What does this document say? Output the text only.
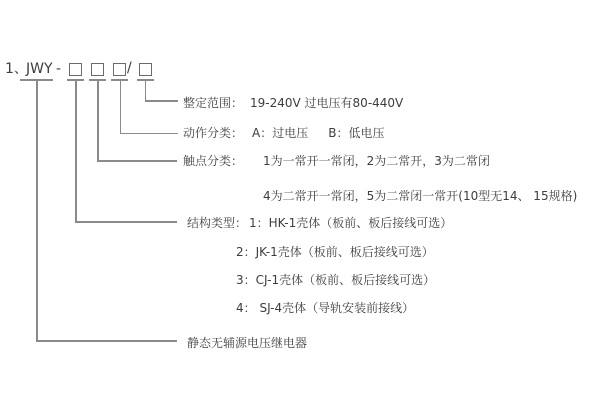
1、
JWY -	/
整定范围： 19-240V 过电压有80-440V
动作分类： A：过电压 B：低电压
触点分类： 1为一常开一常闭，2为二常开，3为二常闭
4为二常开一常闭，5为二常闭一常开(10型无14、 15规格)
结构类型： 1：HK-1壳体（板前、板后接线可选）
2：JK-1壳体（板前、板后接线可选）
3：CJ-1壳体（板前、板后接线可选）
4： SJ-4壳体（导轨安装前接线）
静态无辅源电压继电器
